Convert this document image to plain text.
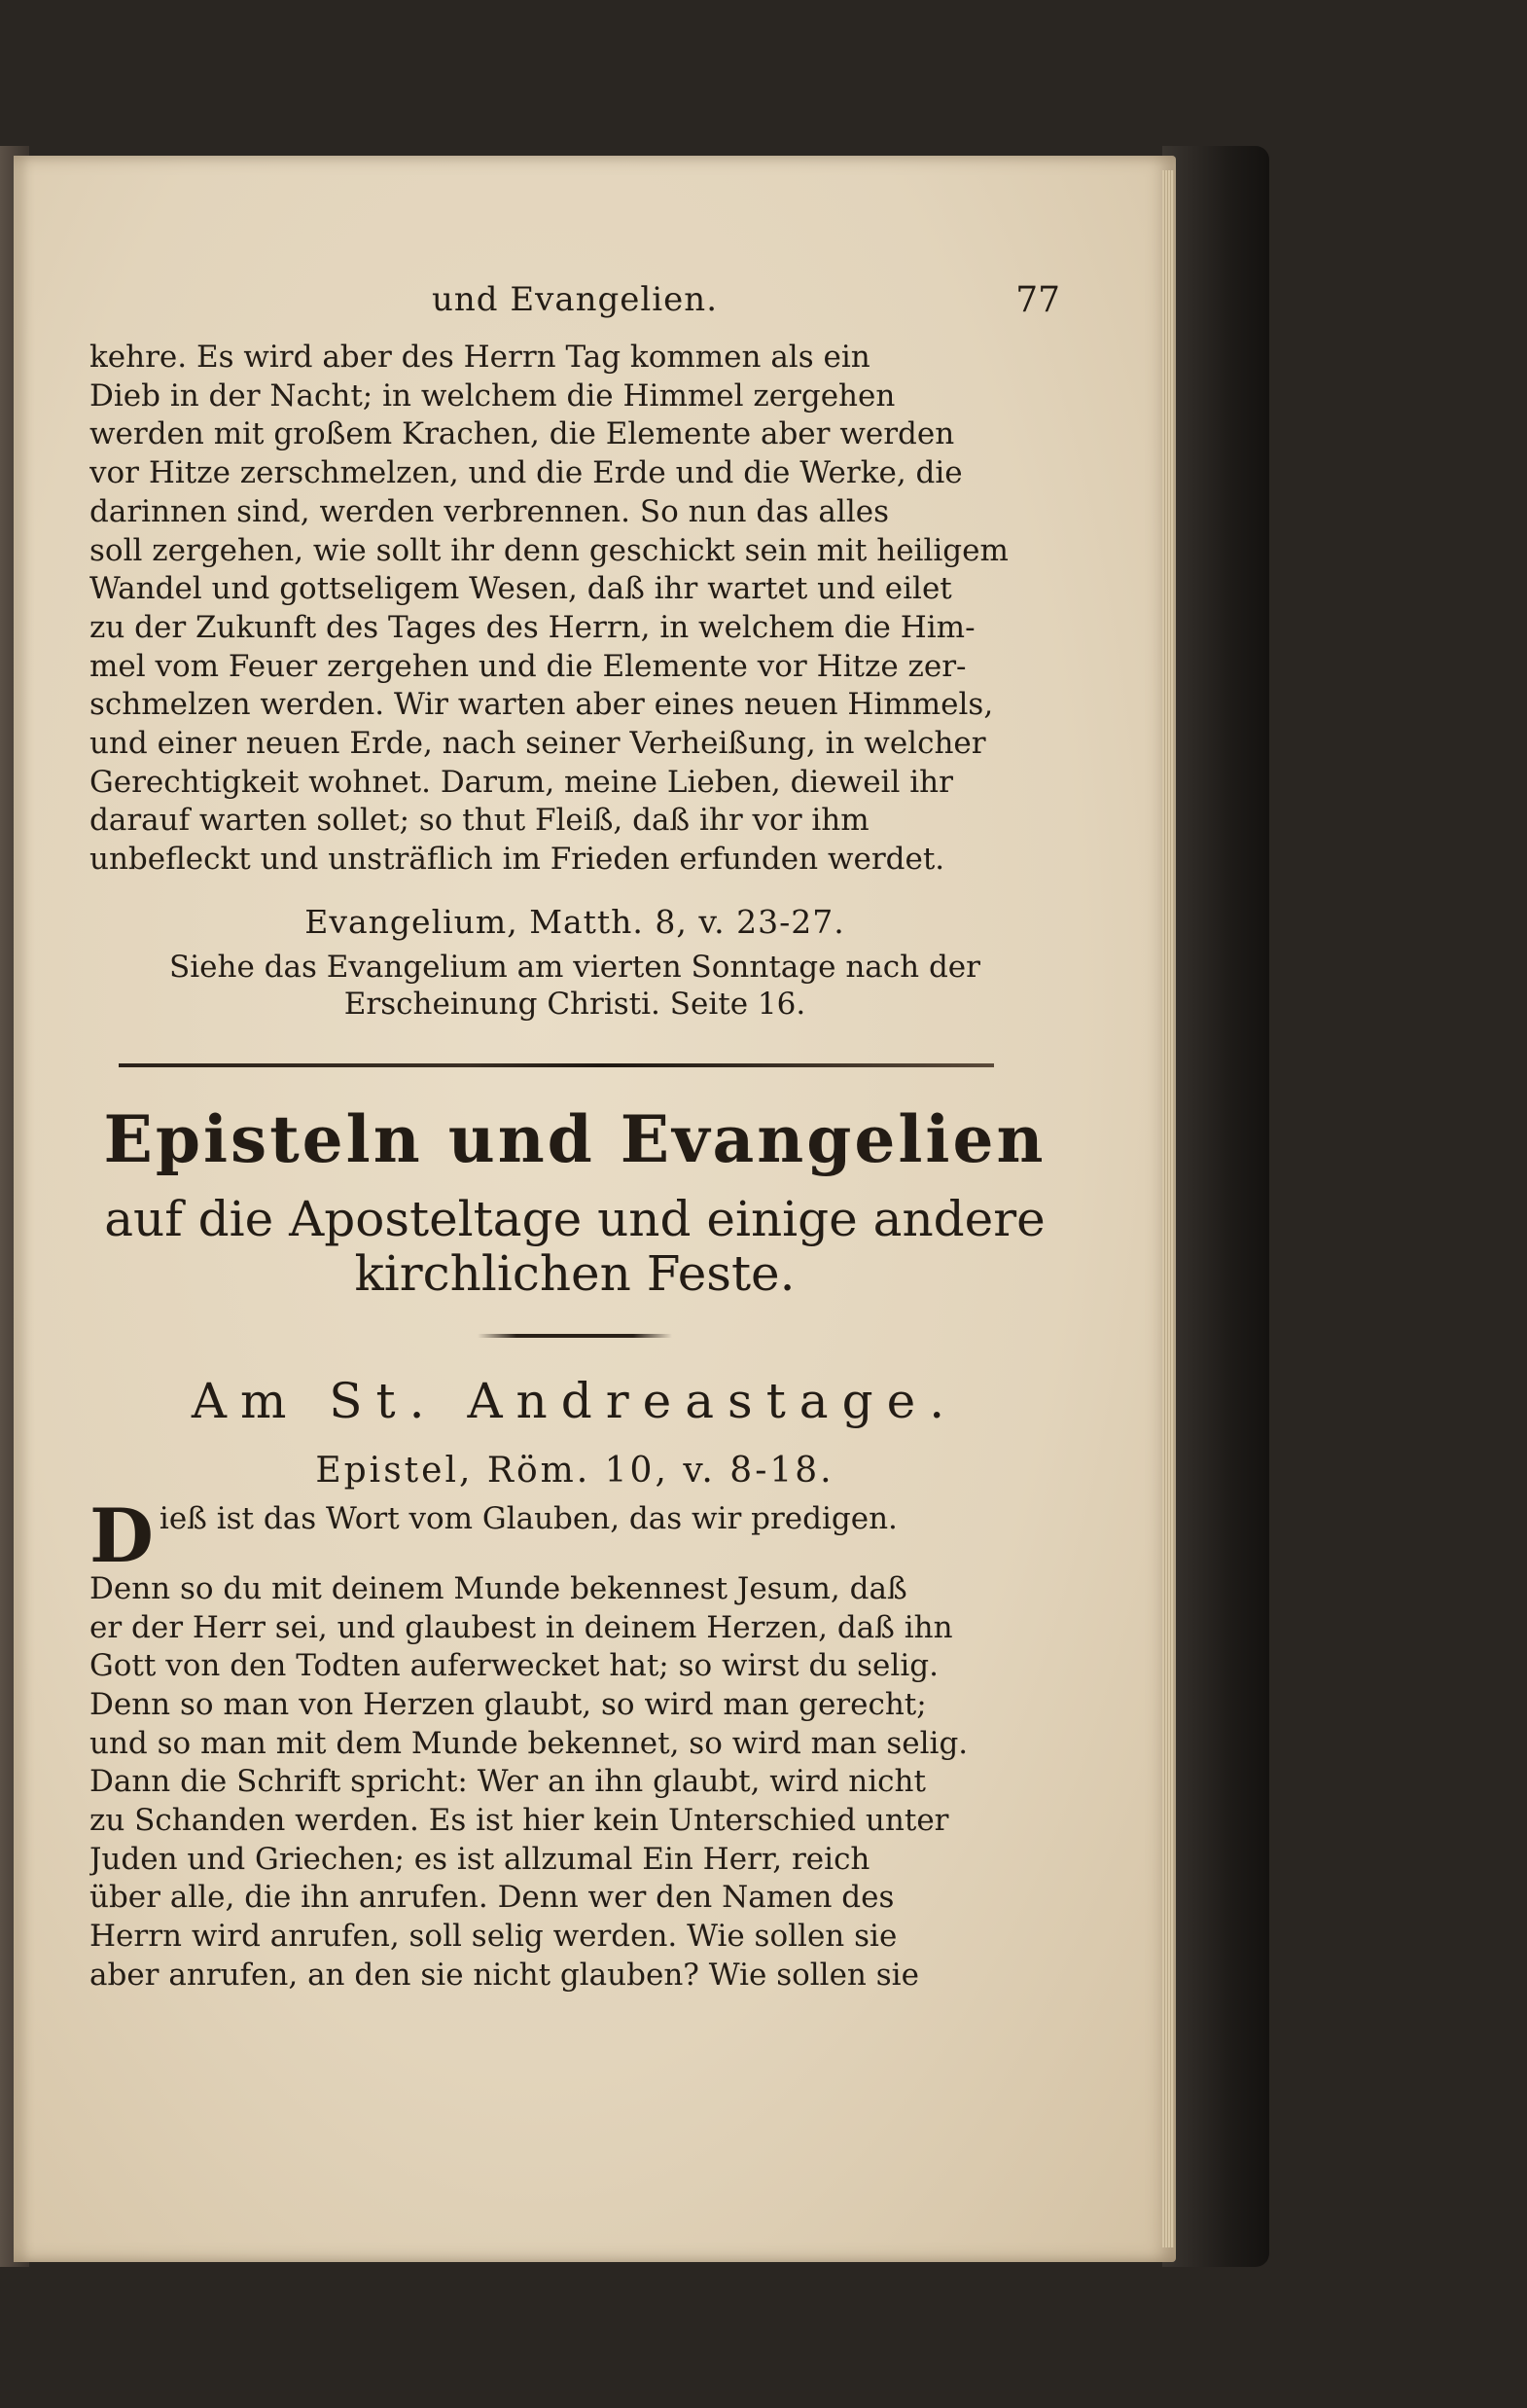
und Evangelien.	77
kehre. Es wird aber des Herrn Tag kommen als ein
Dieb in der Nacht; in welchem die Himmel zergehen
werden mit großem Krachen, die Elemente aber werden
vor Hitze zerschmelzen, und die Erde und die Werke, die
darinnen sind, werden verbrennen. So nun das alles
soll zergehen, wie sollt ihr denn geschickt sein mit heiligem
Wandel und gottseligem Wesen, daß ihr wartet und eilet
zu der Zukunft des Tages des Herrn, in welchem die Him-
mel vom Feuer zergehen und die Elemente vor Hitze zer-
schmelzen werden. Wir warten aber eines neuen Himmels,
und einer neuen Erde, nach seiner Verheißung, in welcher
Gerechtigkeit wohnet. Darum, meine Lieben, dieweil ihr
darauf warten sollet; so thut Fleiß, daß ihr vor ihm
unbefleckt und unsträflich im Frieden erfunden werdet.
Evangelium, Matth. 8, v. 23-27.
Siehe das Evangelium am vierten Sonntage nach der
Erscheinung Christi. Seite 16.
Episteln und Evangelien
auf die Aposteltage und einige andere
kirchlichen Feste.
Am St. Andreastage.
Epistel, Röm. 10, v. 8-18.
Dieß ist das Wort vom Glauben, das wir predigen.
Denn so du mit deinem Munde bekennest Jesum, daß
er der Herr sei, und glaubest in deinem Herzen, daß ihn
Gott von den Todten auferwecket hat; so wirst du selig.
Denn so man von Herzen glaubt, so wird man gerecht;
und so man mit dem Munde bekennet, so wird man selig.
Dann die Schrift spricht: Wer an ihn glaubt, wird nicht
zu Schanden werden. Es ist hier kein Unterschied unter
Juden und Griechen; es ist allzumal Ein Herr, reich
über alle, die ihn anrufen. Denn wer den Namen des
Herrn wird anrufen, soll selig werden. Wie sollen sie
aber anrufen, an den sie nicht glauben? Wie sollen sie
